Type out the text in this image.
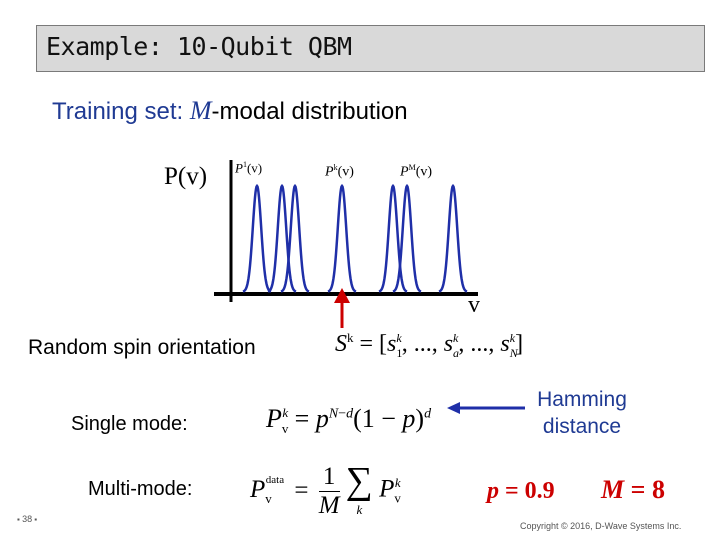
Example: 10-Qubit QBM
Training set: M-modal distribution
P(v)
v
$P^1(v)$	$P^k(v)$	$P^M(v)$
Random spin orientation	$S^k = [s_1^k$, ..., $s_a^k$, ..., $s_N^k$]
Single mode:	$P_v^k = p^{N-d}(1 - p)^d$
Hamming
distance
Multi-mode: $P_v^{data} = \frac{1}{M}$
∑
k
$P_v^k$	p = 0.9 M = 8
▪ 38 ▪
Copyright © 2016, D-Wave Systems Inc.
